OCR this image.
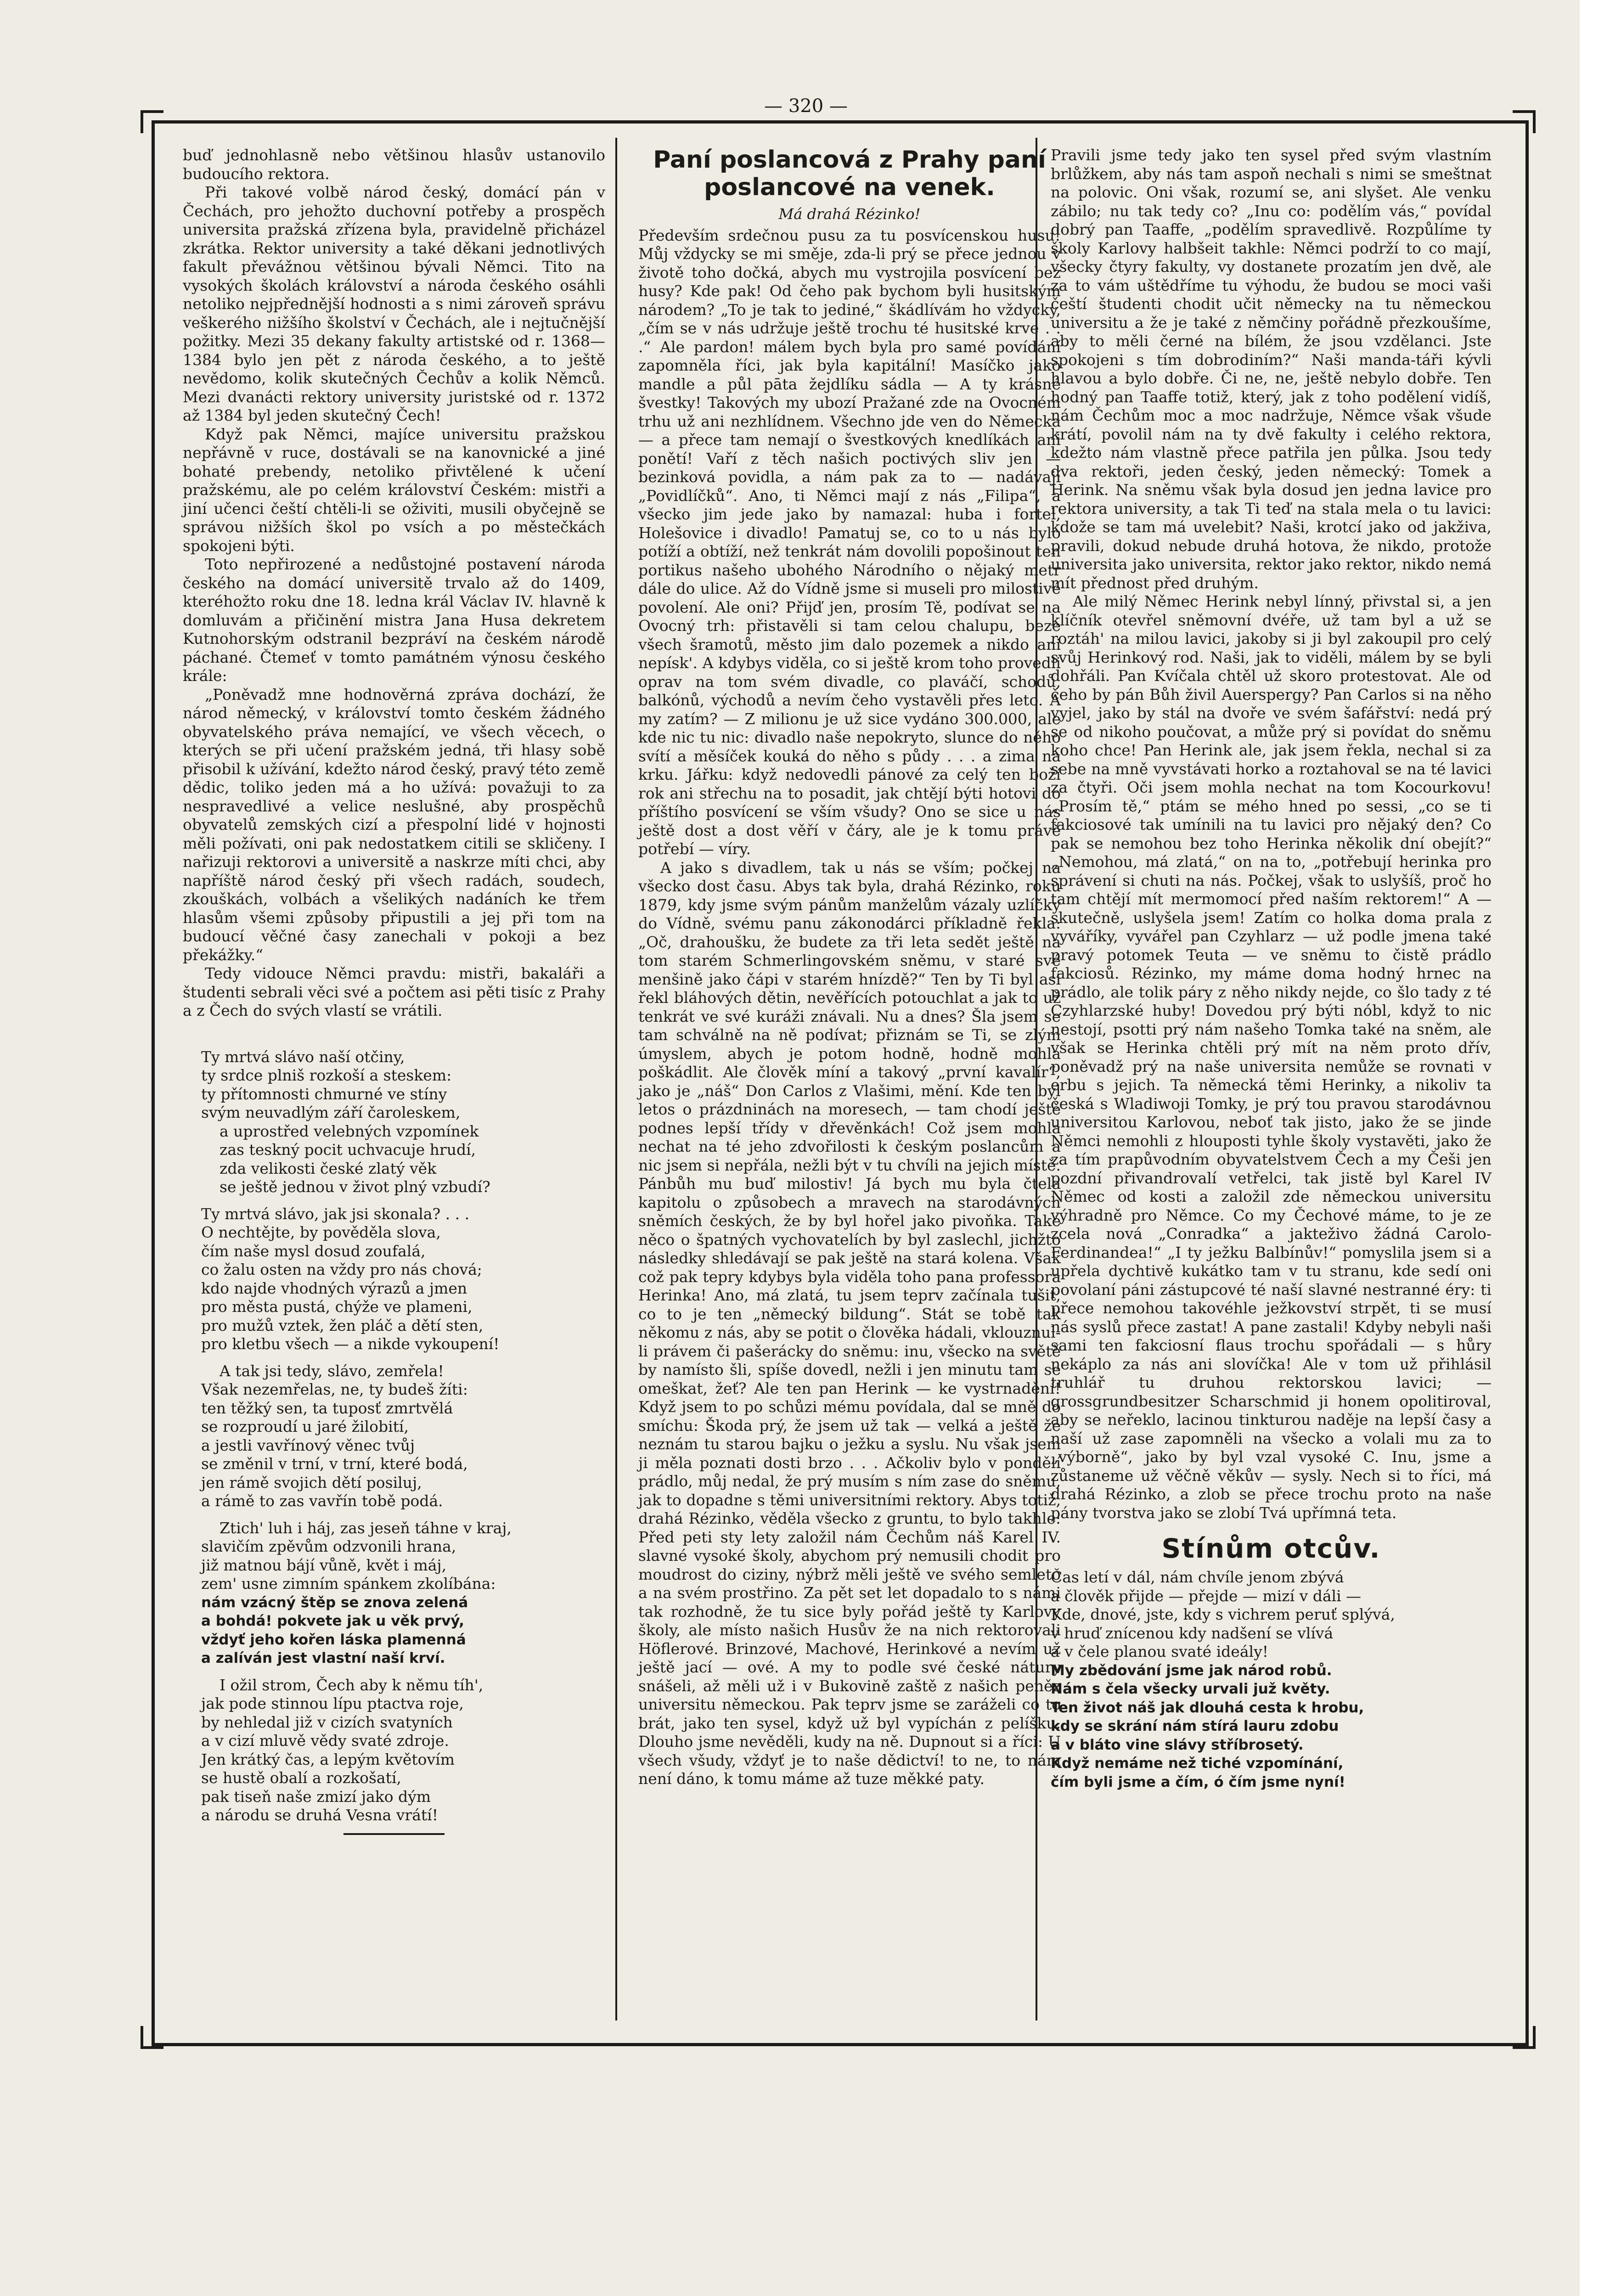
— 320 —

buď jednohlasně nebo většinou hlasův ustanovilo budoucího rektora.

Při takové volbě národ český, domácí pán v Čechách, pro jehožto duchovní potřeby a prospěch universita pražská zřízena byla, pravidelně přicházel zkrátka. Rektor university a také děkani jednotlivých fakult převážnou většinou bývali Němci. Tito na vysokých školách království a národa českého osáhli netoliko nejpřednější hodnosti a s nimi zároveň správu veškerého nižšího školství v Čechách, ale i nejtučnější požitky. Mezi 35 dekany fakulty artistské od r. 1368—1384 bylo jen pět z národa českého, a to ještě nevědomo, kolik skutečných Čechův a kolik Němců. Mezi dvanácti rektory university juristské od r. 1372 až 1384 byl jeden skutečný Čech!

Když pak Němci, majíce universitu pražskou nepřávně v ruce, dostávali se na kanovnické a jiné bohaté prebendy, netoliko přivtělené k učení pražskému, ale po celém království Českém: mistři a jiní učenci čeští chtěli-li se oživiti, musili obyčejně se správou nižších škol po vsích a po městečkách spokojeni býti.

Toto nepřirozené a nedůstojné postavení národa českého na domácí universitě trvalo až do 1409, kteréhožto roku dne 18. ledna král Václav IV. hlavně k domluvám a přičinění mistra Jana Husa dekretem Kutnohorským odstranil bezpráví na českém národě páchané. Čtemeť v tomto památném výnosu českého krále:

„Poněvadž mne hodnověrná zpráva dochází, že národ německý, v království tomto českém žádného obyvatelského práva nemající, ve všech věcech, o kterých se při učení pražském jedná, tři hlasy sobě přisobil k užívání, kdežto národ český, pravý této země dědic, toliko jeden má a ho užívá: považuji to za nespravedlivé a velice neslušné, aby prospěchů obyvatelů zemských cizí a přespolní lidé v hojnosti měli požívati, oni pak nedostatkem citili se skličeny. I nařizuji rektorovi a universitě a naskrze míti chci, aby napříště národ český při všech radách, soudech, zkouškách, volbách a všelikých nadáních ke třem hlasům všemi způsoby připustili a jej při tom na budoucí věčné časy zanechali v pokoji a bez překážky.“

Tedy vidouce Němci pravdu: mistři, bakaláři a študenti sebrali věci své a počtem asi pěti tisíc z Prahy a z Čech do svých vlastí se vrátili.

Ty mrtvá slávo naší otčiny,
ty srdce plniš rozkoší a steskem:
ty přítomnosti chmurné ve stíny
svým neuvadlým září čaroleskem,
a uprostřed velebných vzpomínek
zas teskný pocit uchvacuje hrudí,
zda velikosti české zlatý věk
se ještě jednou v život plný vzbudí?
Ty mrtvá slávo, jak jsi skonala? . . .
O nechtějte, by pověděla slova,
čím naše mysl dosud zoufalá,
co žalu osten na vždy pro nás chová;
kdo najde vhodných výrazů a jmen
pro města pustá, chýže ve plameni,
pro mužů vztek, žen pláč a dětí sten,
pro kletbu všech — a nikde vykoupení!
A tak jsi tedy, slávo, zemřela!
Však nezemřelas, ne, ty budeš žíti:
ten těžký sen, ta tuposť zmrtvělá
se rozproudí u jaré žilobití,
a jestli vavřínový věnec tvůj
se změnil v trní, v trní, které bodá,
jen rámě svojich dětí posiluj,
a rámě to zas vavřín tobě podá.
Ztich' luh i háj, zas jeseň táhne v kraj,
slavičím zpěvům odzvonili hrana,
již matnou bájí vůně, květ i máj,
zem' usne zimním spánkem zkolíbána:
nám vzácný štěp se znova zelená
a bohdá! pokvete jak u věk prvý,
vždyť jeho kořen láska plamenná
a zalíván jest vlastní naší krví.
I ožil strom, Čech aby k němu tíh',
jak pode stinnou lípu ptactva roje,
by nehledal již v cizích svatyních
a v cizí mluvě vědy svaté zdroje.
Jen krátký čas, a lepým květovím
se hustě obalí a rozkošatí,
pak tiseň naše zmizí jako dým
a národu se druhá Vesna vrátí!
Paní poslancová z Prahy paní poslancové na venek.
Má drahá Rézinko!

Především srdečnou pusu za tu posvícenskou husu! Můj vždycky se mi směje, zda-li prý se přece jednou v životě toho dočká, abych mu vystrojila posvícení bez husy? Kde pak! Od čeho pak bychom byli husitským národem? „To je tak to jediné,“ škádlívám ho vždycky, „čím se v nás udržuje ještě trochu té husitské krve . . .“ Ale pardon! málem bych byla pro samé povídání zapomněla říci, jak byla kapitální! Masíčko jako mandle a půl pāta žejdlíku sádla — A ty krásné švestky! Takových my ubozí Pražané zde na Ovocném trhu už ani nezhlídnem. Všechno jde ven do Německa — a přece tam nemají o švestkových knedlíkách ani ponětí! Vaří z těch našich poctivých sliv jen — bezinková povidla, a nám pak za to — nadávají „Povidlíčků“. Ano, ti Němci mají z nás „Filipa“, a všecko jim jede jako by namazal: huba i fortel, Holešovice i divadlo! Pamatuj se, co to u nás bylo potíží a obtíží, než tenkrát nám dovolili popošinout ten portikus našeho ubohého Národního o nějaký metr dále do ulice. Až do Vídně jsme si museli pro milostivé povolení. Ale oni? Přijď jen, prosím Tě, podívat se na Ovocný trh: přistavěli si tam celou chalupu, beze všech šramotů, město jim dalo pozemek a nikdo ani nepísk'. A kdybys viděla, co si ještě krom toho provedli oprav na tom svém divadle, co plaváčí, schodů, balkónů, východů a nevím čeho vystavěli přes leto. A my zatím? — Z milionu je už sice vydáno 300.000, ale kde nic tu nic: divadlo naše nepokryto, slunce do něho svítí a měsíček kouká do něho s půdy . . . a zima na krku. Jářku: když nedovedli pánové za celý ten boží rok ani střechu na to posadit, jak chtějí býti hotovi do příštího posvícení se vším všudy? Ono se sice u nás ještě dost a dost věří v čáry, ale je k tomu právě potřebí — víry.

A jako s divadlem, tak u nás se vším; počkej na všecko dost času. Abys tak byla, drahá Rézinko, roku 1879, kdy jsme svým pánům manželům vázaly uzlíčky do Vídně, svému panu zákonodárci příkladně řekla: „Oč, drahoušku, že budete za tři leta sedět ještě na tom starém Schmerlingovském sněmu, v staré své menšině jako čápi v starém hnízdě?“ Ten by Ti byl asi řekl bláhových dětin, nevěřících potouchlat a jak to už tenkrát ve své kuráži znávali. Nu a dnes? Šla jsem se tam schválně na ně podívat; přiznám se Ti, se zlým úmyslem, abych je potom hodně, hodně mohla poškádlit. Ale člověk míní a takový „první kavalír“, jako je „náš“ Don Carlos z Vlašimi, mění. Kde ten byl letos o prázdninách na moresech, — tam chodí ještě podnes lepší třídy v dřevěnkách! Což jsem mohla nechat na té jeho zdvořilosti k českým poslancům a nic jsem si nepřála, nežli být v tu chvíli na jejich místě. Pánbůh mu buď milostiv! Já bych mu byla čtela kapitolu o způsobech a mravech na starodávných sněmích českých, že by byl hořel jako pivoňka. Také něco o špatných vychovatelích by byl zaslechl, jichžto následky shledávají se pak ještě na stará kolena. Však což pak tepry kdybys byla viděla toho pana professora Herinka! Ano, má zlatá, tu jsem teprv začínala tušit, co to je ten „německý bildung“. Stát se tobě tak někomu z nás, aby se potit o člověka hádali, vklouznul-li právem či pašerácky do sněmu: inu, všecko na světě by namísto šli, spíše dovedl, nežli i jen minutu tam se omeškat, žeť? Ale ten pan Herink — ke vystrnadění! Když jsem to po schůzi mému povídala, dal se mně do smíchu: Škoda prý, že jsem už tak — velká a ještě že neznám tu starou bajku o ježku a syslu. Nu však jsem ji měla poznati dosti brzo . . . Ačkoliv bylo v pondělí prádlo, můj nedal, že prý musím s ním zase do sněmu, jak to dopadne s těmi universitními rektory. Abys totiž, drahá Rézinko, věděla všecko z gruntu, to bylo takhle: Před peti sty lety založil nám Čechům náš Karel IV. slavné vysoké školy, abychom prý nemusili chodit pro moudrost do ciziny, nýbrž měli ještě ve svého semleto a na svém prostřino. Za pět set let dopadalo to s námi tak rozhodně, že tu sice byly pořád ještě ty Karlovy školy, ale místo našich Husův že na nich rektorovali Höflerové. Brinzové, Machové, Herinkové a nevím už ještě jací — ové. A my to podle své české nátury snášeli, až měli už i v Bukovině zaště z našich peněz universitu německou. Pak teprv jsme se zaráželi co to brát, jako ten sysel, když už byl vypíchán z pelíšku. Dlouho jsme nevěděli, kudy na ně. Dupnout si a říci: U všech všudy, vždyť je to naše dědictví! to ne, to nám není dáno, k tomu máme až tuze měkké paty.

Pravili jsme tedy jako ten sysel před svým vlastním brlůžkem, aby nás tam aspoň nechali s nimi se smeštnat na polovic. Oni však, rozumí se, ani slyšet. Ale venku zábilo; nu tak tedy co? „Inu co: podělím vás,“ povídal dobrý pan Taaffe, „podělím spravedlivě. Rozpůlíme ty školy Karlovy halbšeit takhle: Němci podrží to co mají, všecky čtyry fakulty, vy dostanete prozatím jen dvě, ale za to vám uštědříme tu výhodu, že budou se moci vaši čeští študenti chodit učit německy na tu německou universitu a že je také z němčiny pořádně přezkoušíme, aby to měli černé na bílém, že jsou vzdělanci. Jste spokojeni s tím dobrodiním?“ Naši manda-táři kývli hlavou a bylo dobře. Či ne, ne, ještě nebylo dobře. Ten hodný pan Taaffe totiž, který, jak z toho podělení vidíš, nám Čechům moc a moc nadržuje, Němce však všude krátí, povolil nám na ty dvě fakulty i celého rektora, kdežto nám vlastně přece patřila jen půlka. Jsou tedy dva rektoři, jeden český, jeden německý: Tomek a Herink. Na sněmu však byla dosud jen jedna lavice pro rektora university, a tak Ti teď na stala mela o tu lavici: kdože se tam má uvelebit? Naši, krotcí jako od jakživa, pravili, dokud nebude druhá hotova, že nikdo, protože universita jako universita, rektor jako rektor, nikdo nemá mít přednost před druhým.

Ale milý Němec Herink nebyl línný, přivstal si, a jen klíčník otevřel sněmovní dvéře, už tam byl a už se roztáh' na milou lavici, jakoby si ji byl zakoupil pro celý svůj Herinkový rod. Naši, jak to viděli, málem by se byli dohřáli. Pan Kvíčala chtěl už skoro protestovat. Ale od čeho by pán Bůh živil Auerspergy? Pan Carlos si na něho vyjel, jako by stál na dvoře ve svém šafářství: nedá prý se od nikoho poučovat, a může prý si povídat do sněmu koho chce! Pan Herink ale, jak jsem řekla, nechal si za sebe na mně vyvstávati horko a roztahoval se na té lavici za čtyři. Oči jsem mohla nechat na tom Kocourkovu! „Prosím tě,“ ptám se mého hned po sessi, „co se ti fakciosové tak umínili na tu lavici pro nějaký den? Co pak se nemohou bez toho Herinka několik dní obejít?“ „Nemohou, má zlatá,“ on na to, „potřebují herinka pro správení si chuti na nás. Počkej, však to uslyšíš, proč ho tam chtějí mít mermomocí před naším rektorem!“ A — skutečně, uslyšela jsem! Zatím co holka doma prala z vyváříky, vyvářel pan Czyhlarz — už podle jmena také pravý potomek Teuta — ve sněmu to čistě prádlo fakciosů. Rézinko, my máme doma hodný hrnec na prádlo, ale tolik páry z něho nikdy nejde, co šlo tady z té Czyhlarzské huby! Dovedou prý býti nóbl, když to nic nestojí, psotti prý nám našeho Tomka také na sněm, ale však se Herinka chtěli prý mít na něm proto dřív, poněvadž prý na naše universita nemůže se rovnati v erbu s jejich. Ta německá těmi Herinky, a nikoliv ta česká s Wladiwoji Tomky, je prý tou pravou starodávnou universitou Karlovou, neboť tak jisto, jako že se jinde Němci nemohli z hlouposti tyhle školy vystavěti, jako že za tím prapůvodním obyvatelstvem Čech a my Češi jen pozdní přivandrovalí vetřelci, tak jistě byl Karel IV Němec od kosti a založil zde německou universitu výhradně pro Němce. Co my Čechové máme, to je ze zcela nová „Conradka“ a jakteživo žádná Carolo-Ferdinandea!“ „I ty ježku Balbínův!“ pomyslila jsem si a upřela dychtivě kukátko tam v tu stranu, kde sedí oni povolaní páni zástupcové té naší slavné nestranné éry: ti přece nemohou takovéhle ježkovství strpět, ti se musí nás syslů přece zastat! A pane zastali! Kdyby nebyli naši sami ten fakciosní flaus trochu spořádali — s hůry nekáplo za nás ani slovíčka! Ale v tom už přihlásil truhlář tu druhou rektorskou lavici; — grossgrundbesitzer Scharschmid ji honem opolitiroval, aby se neřeklo, lacinou tinkturou naděje na lepší časy a naší už zase zapomněli na všecko a volali mu za to „výborně“, jako by byl vzal vysoké C. Inu, jsme a zůstaneme už věčně věkův — sysly. Nech si to říci, má drahá Rézinko, a zlob se přece trochu proto na naše pány tvorstva jako se zlobí Tvá upřímná teta.

Stínům otcův.
Čas letí v dál, nám chvíle jenom zbývá
a člověk přijde — přejde — mizí v dáli —
Kde, dnové, jste, kdy s vichrem peruť splývá,
v hruď znícenou kdy nadšení se vlívá
a v čele planou svaté ideály!
My zbědování jsme jak národ robů.
Nám s čela všecky urvali juž květy.
Ten život náš jak dlouhá cesta k hrobu,
kdy se skrání nám stírá lauru zdobu
a v bláto vine slávy stříbrosetý.
Když nemáme než tiché vzpomínání,
čím byli jsme a čím, ó čím jsme nyní!
